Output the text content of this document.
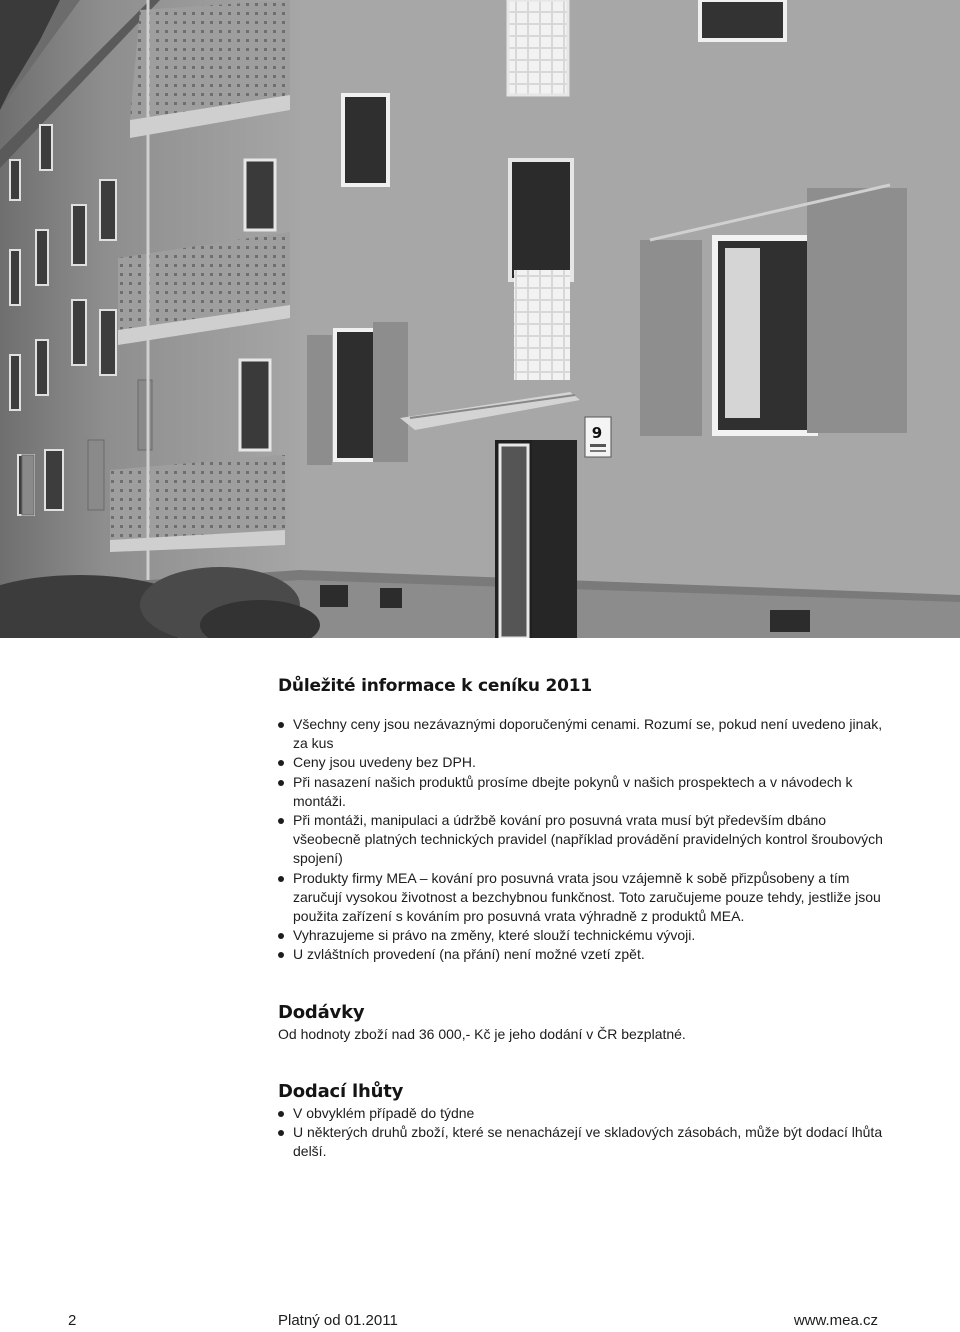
9
Důležité informace k ceníku 2011
Všechny ceny jsou nezávaznými doporučenými cenami. Rozumí se, pokud není uvedeno jinak, za kus
Ceny jsou uvedeny bez DPH.
Při nasazení našich produktů prosíme dbejte pokynů v našich prospektech a v návodech k montáži.
Při montáži, manipulaci a údržbě kování pro posuvná vrata musí být především dbáno všeobecně platných technických pravidel (například provádění pravidelných kontrol šroubových spojení)
Produkty firmy MEA – kování pro posuvná vrata jsou vzájemně k sobě přizpůsobeny a tím zaručují vysokou životnost a bezchybnou funkčnost. Toto zaručujeme pouze tehdy, jestliže jsou použita zařízení s kováním pro posuvná vrata výhradně z produktů MEA.
Vyhrazujeme si právo na změny, které slouží technickému vývoji.
U zvláštních provedení (na přání) není možné vzetí zpět.
Dodávky

Od hodnoty zboží nad 36 000,- Kč je jeho dodání v ČR bezplatné.

Dodací lhůty
V obvyklém případě do týdne
U některých druhů zboží, které se nenacházejí ve skladových zásobách, může být dodací lhůta delší.
2	Platný od 01.2011	www.mea.cz
